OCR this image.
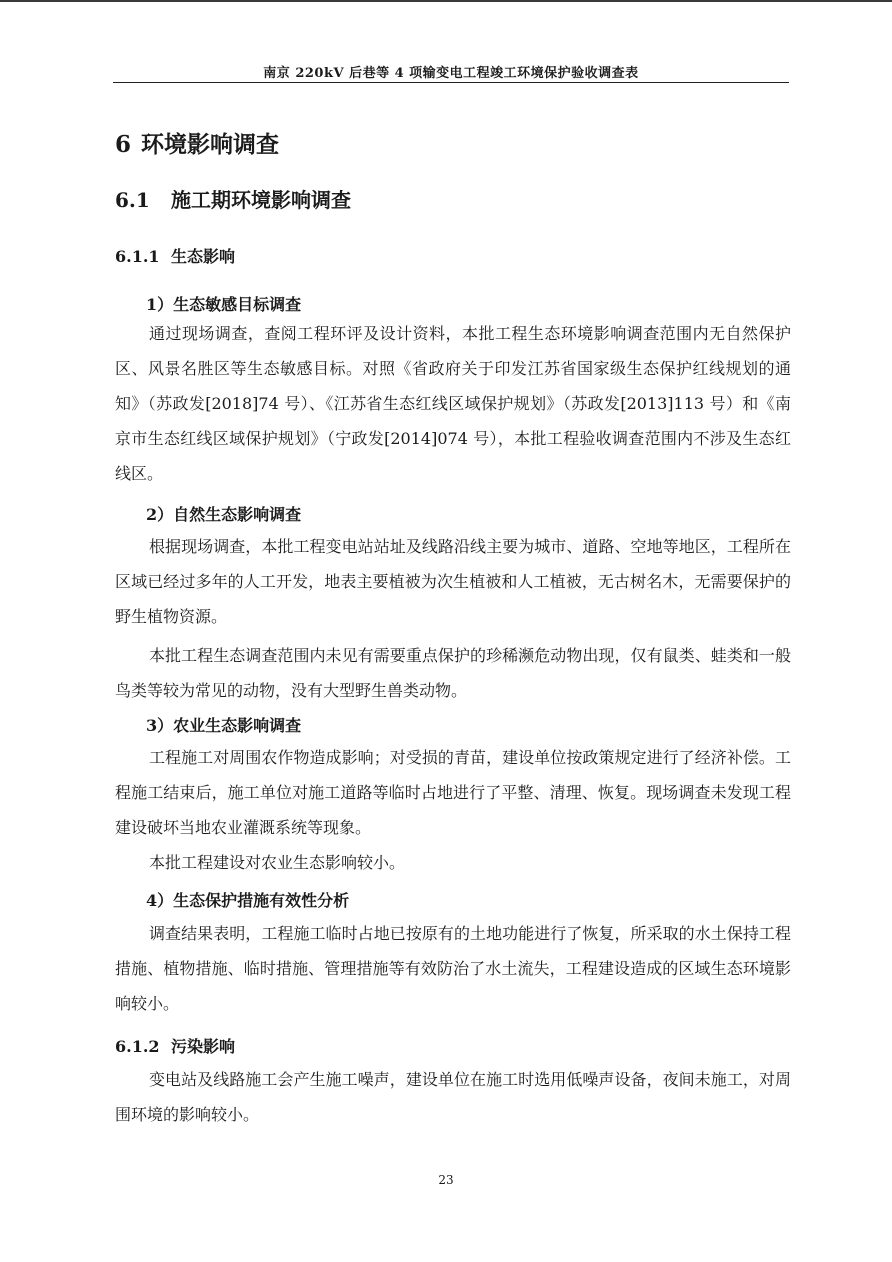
南京 220kV 后巷等 4 项输变电工程竣工环境保护验收调查表
6 环境影响调查
6.1 施工期环境影响调查
6.1.1 生态影响
1）生态敏感目标调查

通过现场调查，查阅工程环评及设计资料，本批工程生态环境影响调查范围内无自然保护区、风景名胜区等生态敏感目标。对照《省政府关于印发江苏省国家级生态保护红线规划的通知》（苏政发[2018]74 号）、《江苏省生态红线区域保护规划》（苏政发[2013]113 号）和《南京市生态红线区域保护规划》（宁政发[2014]074 号），本批工程验收调查范围内不涉及生态红线区。

2）自然生态影响调查

根据现场调查，本批工程变电站站址及线路沿线主要为城市、道路、空地等地区，工程所在区域已经过多年的人工开发，地表主要植被为次生植被和人工植被，无古树名木，无需要保护的野生植物资源。

本批工程生态调查范围内未见有需要重点保护的珍稀濒危动物出现，仅有鼠类、蛙类和一般鸟类等较为常见的动物，没有大型野生兽类动物。

3）农业生态影响调查

工程施工对周围农作物造成影响；对受损的青苗，建设单位按政策规定进行了经济补偿。工程施工结束后，施工单位对施工道路等临时占地进行了平整、清理、恢复。现场调查未发现工程建设破坏当地农业灌溉系统等现象。

本批工程建设对农业生态影响较小。

4）生态保护措施有效性分析

调查结果表明，工程施工临时占地已按原有的土地功能进行了恢复，所采取的水土保持工程措施、植物措施、临时措施、管理措施等有效防治了水土流失，工程建设造成的区域生态环境影响较小。

6.1.2 污染影响

变电站及线路施工会产生施工噪声，建设单位在施工时选用低噪声设备，夜间未施工，对周围环境的影响较小。

23
